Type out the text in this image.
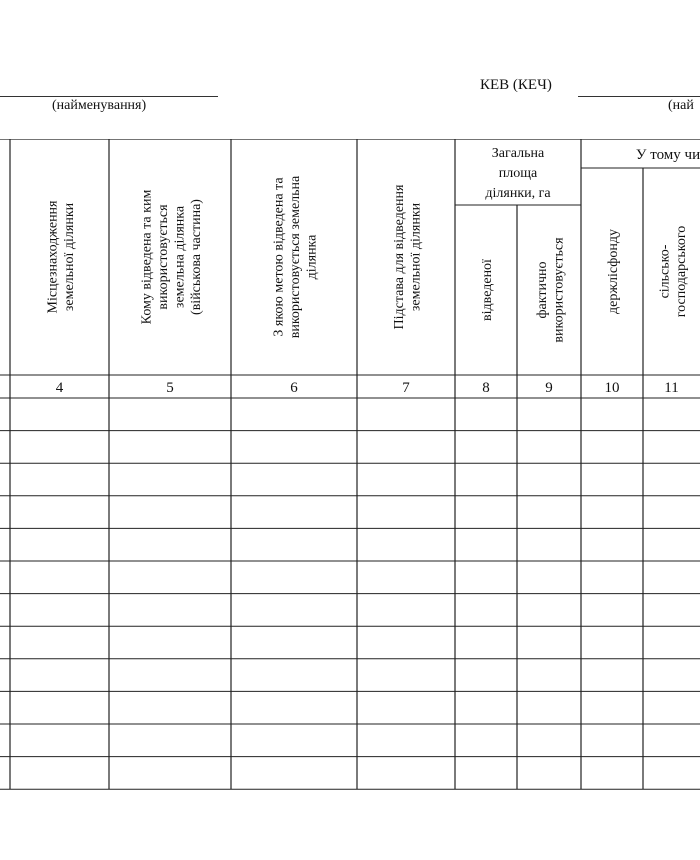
(найменування)
КЕВ (КЕЧ)
(най
Загальна
площа
ділянки, га
У тому чи
Місцезнаходження земельної ділянки
4
Кому відведена та ким використовується земельна ділянка (військова частина)
5
З якою метою відведена та використовується земельна ділянка
6
Підстава для відведення земельної ділянки
7
відведеної
8
фактично використовується
9
держлісфонду
10
сільсько- господарського
11
